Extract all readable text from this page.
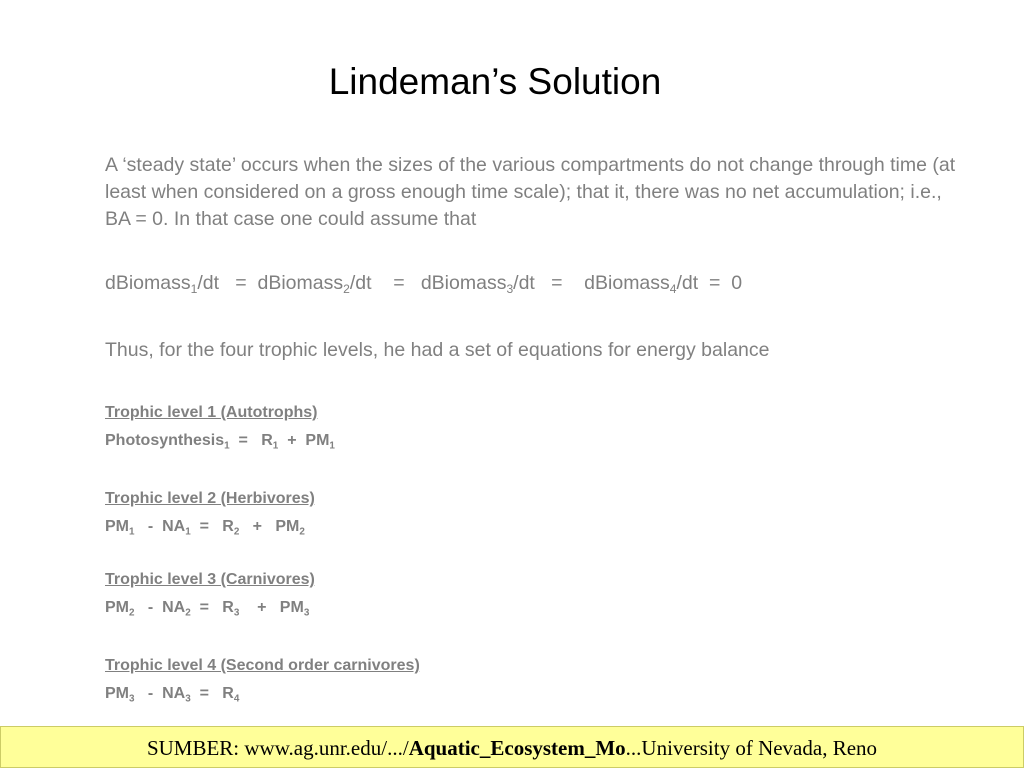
Lindeman’s Solution
A ‘steady state’ occurs when the sizes of the various compartments do not change through time (at least when considered on a gross enough time scale); that it, there was no net accumulation; i.e., BA = 0. In that case one could assume that
dBiomass$_1$/dt   =  dBiomass$_2$/dt    =   dBiomass$_3$/dt   =    dBiomass$_4$/dt  =  0
Thus, for the four trophic levels, he had a set of equations for energy balance
Trophic level 1 (Autotrophs)
Photosynthesis$_1$  =   $R_1 + PM_1$
Trophic level 2 (Herbivores)
$PM_1 - NA_1 = R_2 + PM_2$
Trophic level 3 (Carnivores)
$PM_2 - NA_2 = R_3$    +   $PM_3$
Trophic level 4 (Second order carnivores)
$PM_3 - NA_3 = R_4$
SUMBER: www.ag.unr.edu/.../Aquatic_Ecosystem_Mo...University of Nevada, Reno
